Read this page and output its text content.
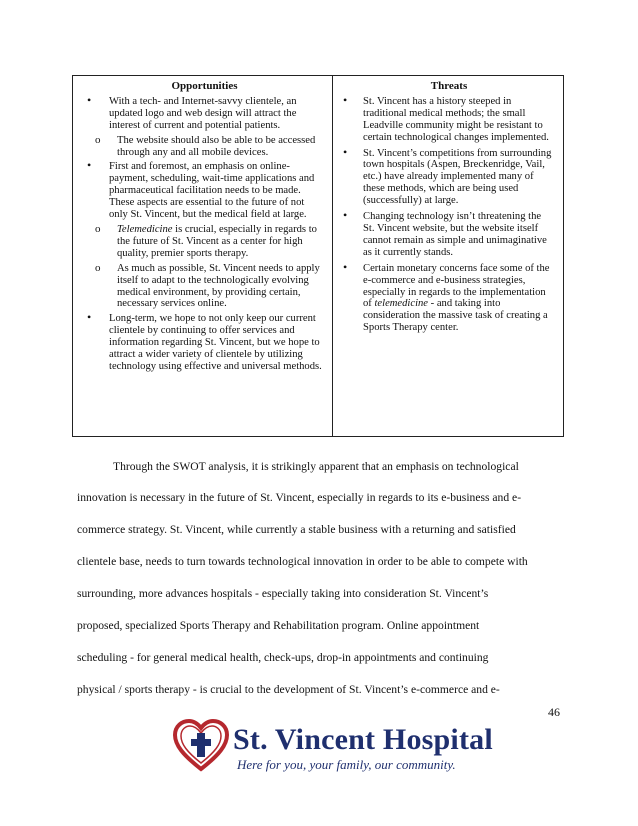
Opportunities
• With a tech- and Internet-savvy clientele, an updated logo and web design will attract the interest of current and potential patients.
o The website should also be able to be accessed through any and all mobile devices.
• First and foremost, an emphasis on online-payment, scheduling, wait-time applications and pharmaceutical facilitation needs to be made. These aspects are essential to the future of not only St. Vincent, but the medical field at large.
o Telemedicine is crucial, especially in regards to the future of St. Vincent as a center for high quality, premier sports therapy.
o As much as possible, St. Vincent needs to apply itself to adapt to the technologically evolving medical environment, by providing certain, necessary services online.
• Long-term, we hope to not only keep our current clientele by continuing to offer services and information regarding St. Vincent, but we hope to attract a wider variety of clientele by utilizing technology using effective and universal methods.
Threats
• St. Vincent has a history steeped in traditional medical methods; the small Leadville community might be resistant to certain technological changes implemented.
• St. Vincent’s competitions from surrounding town hospitals (Aspen, Breckenridge, Vail, etc.) have already implemented many of these methods, which are being used (successfully) at large.
• Changing technology isn’t threatening the St. Vincent website, but the website itself cannot remain as simple and unimaginative as it currently stands.
• Certain monetary concerns face some of the e-commerce and e-business strategies, especially in regards to the implementation of telemedicine - and taking into consideration the massive task of creating a Sports Therapy center.
Through the SWOT analysis, it is strikingly apparent that an emphasis on technological
innovation is necessary in the future of St. Vincent, especially in regards to its e-business and e-
commerce strategy. St. Vincent, while currently a stable business with a returning and satisfied
clientele base, needs to turn towards technological innovation in order to be able to compete with
surrounding, more advances hospitals - especially taking into consideration St. Vincent’s
proposed, specialized Sports Therapy and Rehabilitation program. Online appointment
scheduling - for general medical health, check-ups, drop-in appointments and continuing
physical / sports therapy - is crucial to the development of St. Vincent’s e-commerce and e-
46
St. Vincent Hospital
Here for you, your family, our community.
